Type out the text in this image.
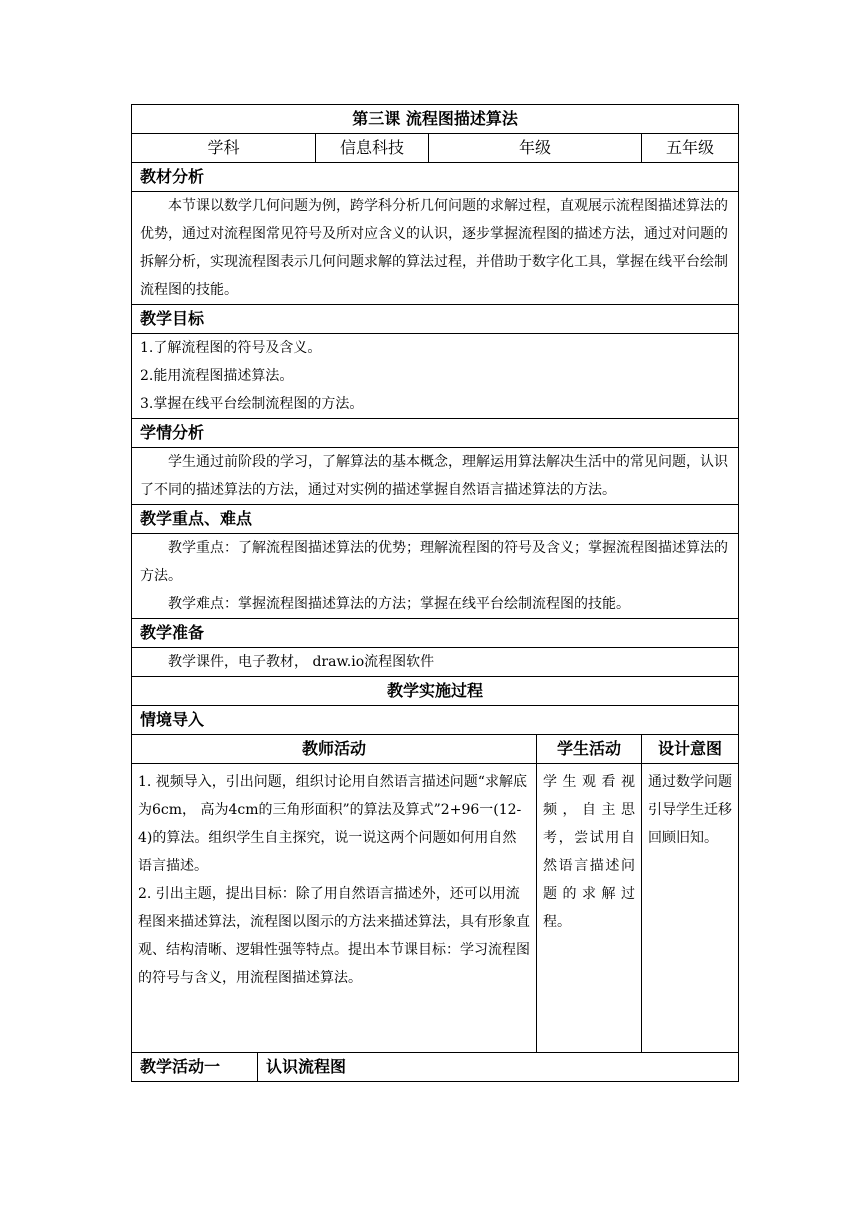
第三课 流程图描述算法					
学科		信息科技	年级		五年级
教材分析					

本节课以数学几何问题为例，跨学科分析几何问题的求解过程，直观展示流程图描述算法的优势，通过对流程图常见符号及所对应含义的认识，逐步掌握流程图的描述方法，通过对问题的拆解分析，实现流程图表示几何问题求解的算法过程，并借助于数字化工具，掌握在线平台绘制流程图的技能。					

教学目标					

1.了解流程图的符号及含义。

2.能用流程图描述算法。

3.掌握在线平台绘制流程图的方法。					

学情分析					

学生通过前阶段的学习，了解算法的基本概念，理解运用算法解决生活中的常见问题，认识了不同的描述算法的方法，通过对实例的描述掌握自然语言描述算法的方法。					

教学重点、难点					

教学重点：了解流程图描述算法的优势；理解流程图的符号及含义；掌握流程图描述算法的方法。

教学难点：掌握流程图描述算法的方法；掌握在线平台绘制流程图的技能。					

教学准备					

教学课件，电子教材， draw.io流程图软件					

教学实施过程					
情境导入					
教师活动				学生活动	设计意图

1. 视频导入，引出问题，组织讨论用自然语言描述问题“求解底为6cm， 高为4cm的三角形面积”的算法及算式”2+96一(12-4)的算法。组织学生自主探究，说一说这两个问题如何用自然语言描述。

2. 引出主题，提出目标：除了用自然语言描述外，还可以用流程图来描述算法，流程图以图示的方法来描述算法，具有形象直观、结构清晰、逻辑性强等特点。提出本节课目标：学习流程图的符号与含义，用流程图描述算法。				学生观看视频，自主思考，尝试用自然语言描述问题的求解过程。	通过数学问题引导学生迁移回顾旧知。

教学活动一	认识流程图				
